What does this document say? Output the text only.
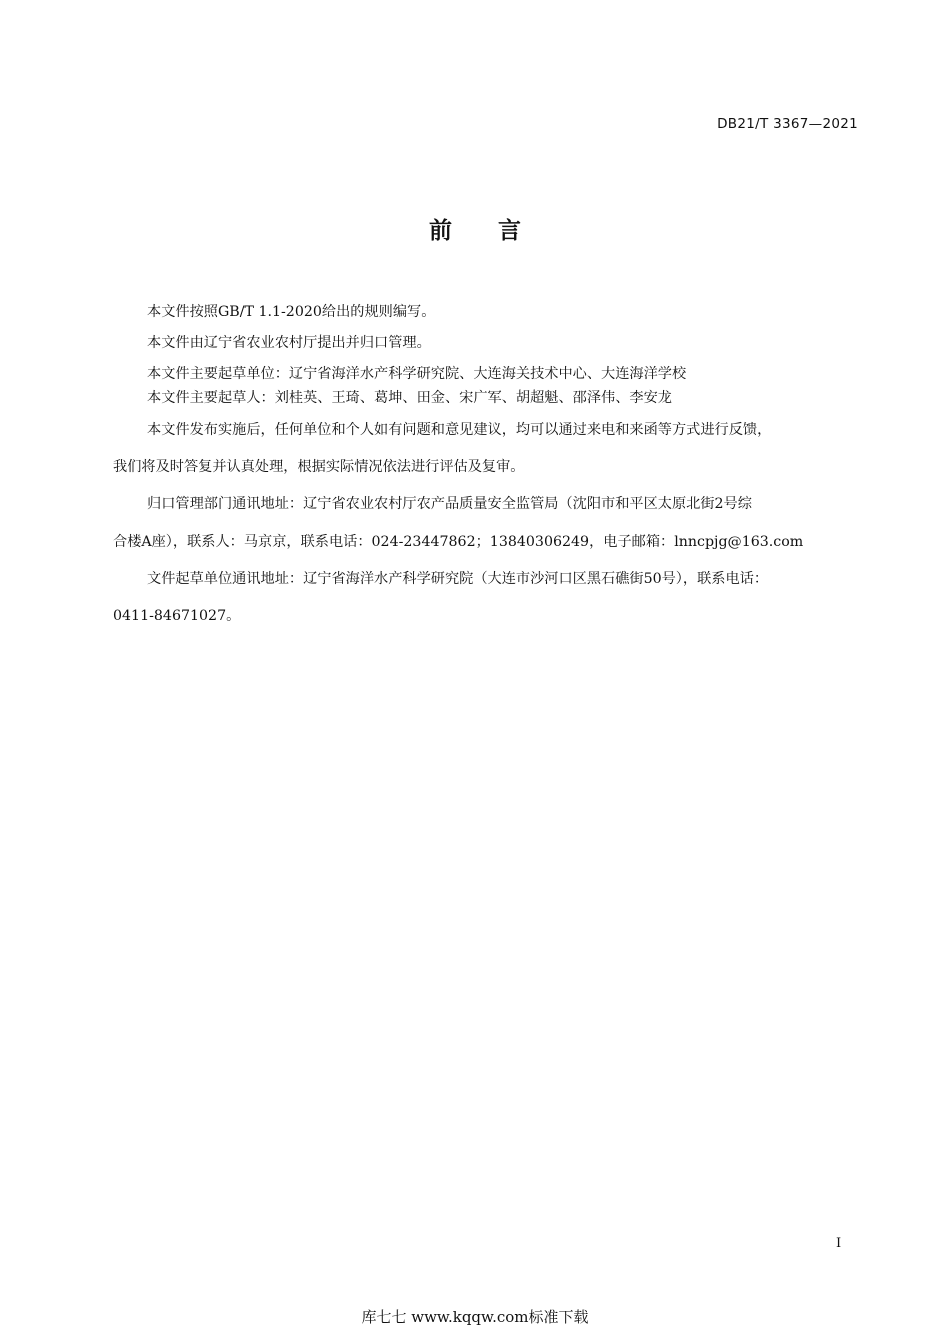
DB21/T 3367—2021
前言
本文件按照GB/T 1.1-2020给出的规则编写。
本文件由辽宁省农业农村厅提出并归口管理。
本文件主要起草单位：辽宁省海洋水产科学研究院、大连海关技术中心、大连海洋学校
本文件主要起草人：刘桂英、王琦、葛坤、田金、宋广军、胡超魁、邵泽伟、李安龙
本文件发布实施后，任何单位和个人如有问题和意见建议，均可以通过来电和来函等方式进行反馈，
我们将及时答复并认真处理，根据实际情况依法进行评估及复审。
归口管理部门通讯地址：辽宁省农业农村厅农产品质量安全监管局（沈阳市和平区太原北街2号综
合楼A座），联系人：马京京，联系电话：024-23447862；13840306249，电子邮箱：lnncpjg@163.com
文件起草单位通讯地址：辽宁省海洋水产科学研究院（大连市沙河口区黑石礁街50号），联系电话：
0411-84671027。
I
库七七 www.kqqw.com标准下载
